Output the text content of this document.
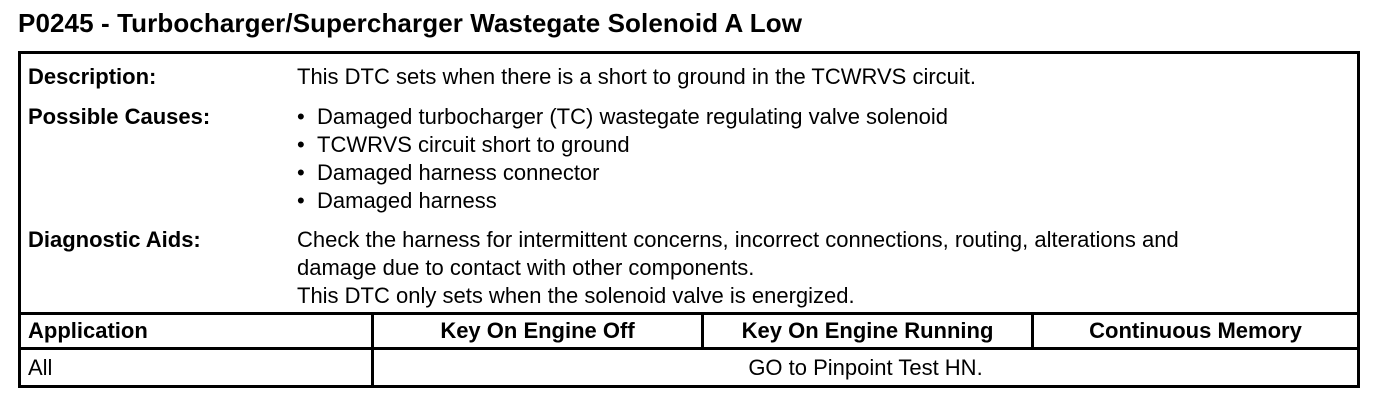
P0245 - Turbocharger/Supercharger Wastegate Solenoid A Low
Description:	This DTC sets when there is a short to ground in the TCWRVS circuit.
Possible Causes:
•	Damaged turbocharger (TC) wastegate regulating valve solenoid
• TCWRVS circuit short to ground
• Damaged harness connector
• Damaged harness
Diagnostic Aids:	Check the harness for intermittent concerns, incorrect connections, routing, alterations and
damage due to contact with other components.
This DTC only sets when the solenoid valve is energized.
Application	Key On Engine Off	Key On Engine Running	Continuous Memory
All	GO to Pinpoint Test HN.
